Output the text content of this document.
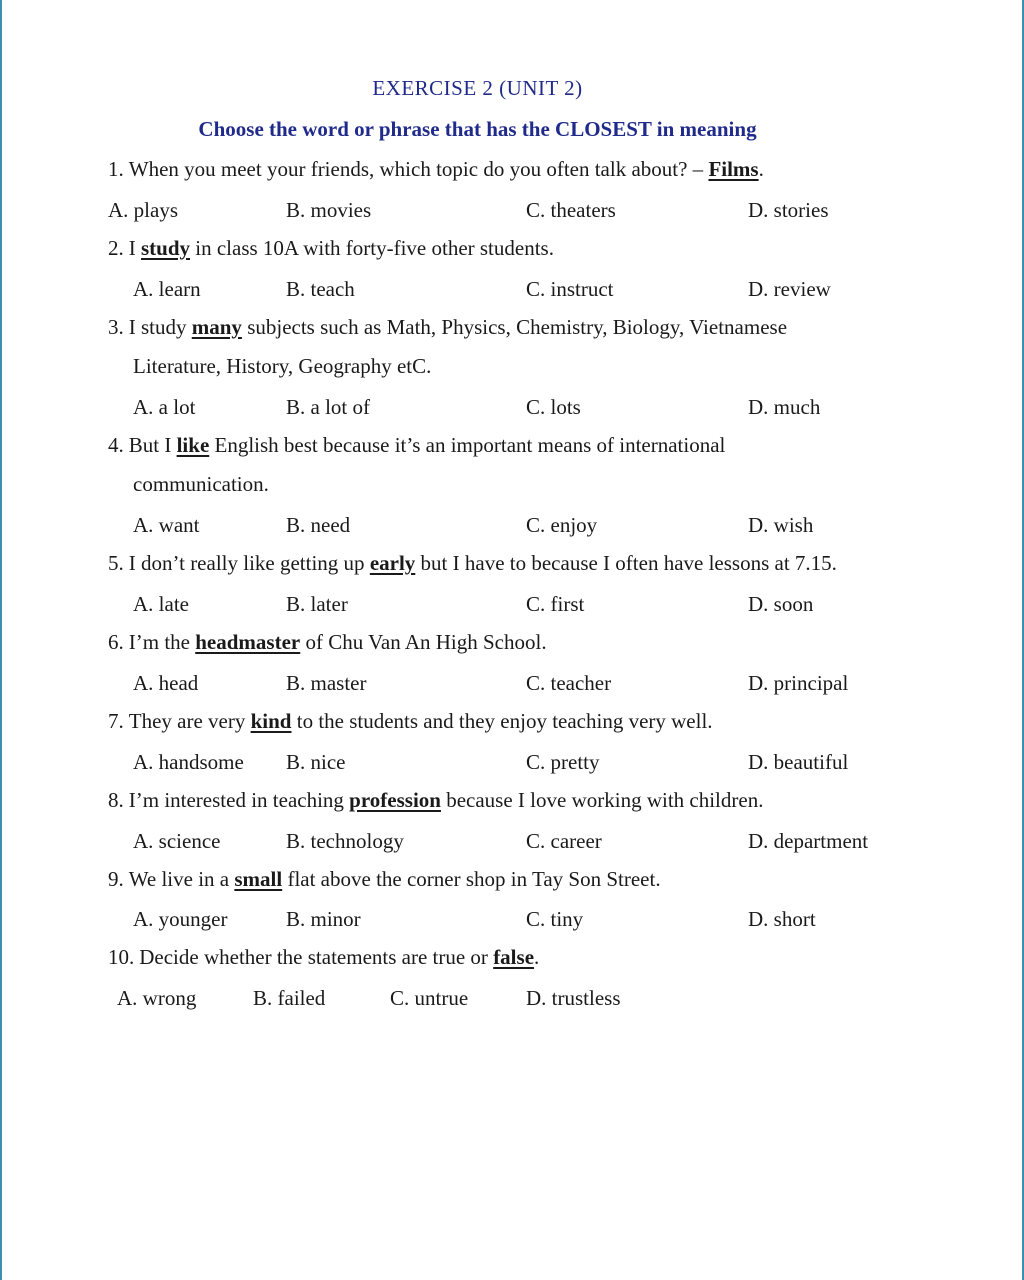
EXERCISE 2 (UNIT 2)
Choose the word or phrase that has the CLOSEST in meaning
1. When you meet your friends, which topic do you often talk about? – Films.
A. plays	B. movies	C. theaters	D. stories
2. I study in class 10A with forty-five other students.
A. learn	B. teach	C. instruct	D. review
3. I study many subjects such as Math, Physics, Chemistry, Biology, Vietnamese
Literature, History, Geography etC.
A. a lot	B. a lot of	C. lots	D. much
4. But I like English best because it’s an important means of international
communication.
A. want	B. need	C. enjoy	D. wish
5. I don’t really like getting up early but I have to because I often have lessons at 7.15.
A. late	B. later	C. first	D. soon
6. I’m the headmaster of Chu Van An High School.
A. head	B. master	C. teacher	D. principal
7. They are very kind to the students and they enjoy teaching very well.
A. handsome B. nice	C. pretty	D. beautiful
8. I’m interested in teaching profession because I love working with children.
A. science	B. technology	C. career	D. department
9. We live in a small flat above the corner shop in Tay Son Street.
A. younger	B. minor	C. tiny	D. short
10. Decide whether the statements are true or false.
A. wrong	B. failed	C. untrue	D. trustless
